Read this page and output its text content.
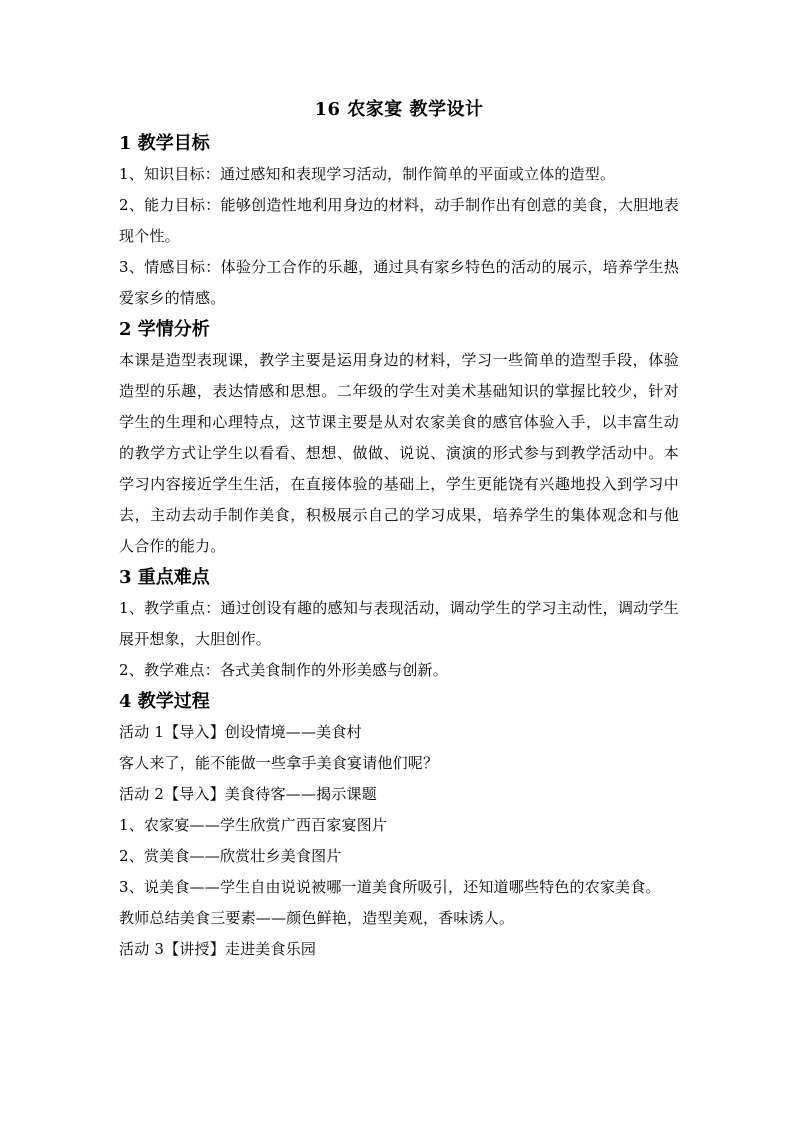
16 农家宴 教学设计
1 教学目标

1、知识目标：通过感知和表现学习活动，制作简单的平面或立体的造型。

2、能力目标：能够创造性地利用身边的材料，动手制作出有创意的美食，大胆地表现个性。

3、情感目标：体验分工合作的乐趣，通过具有家乡特色的活动的展示，培养学生热爱家乡的情感。

2 学情分析

本课是造型表现课，教学主要是运用身边的材料，学习一些简单的造型手段，体验造型的乐趣，表达情感和思想。二年级的学生对美术基础知识的掌握比较少，针对学生的生理和心理特点，这节课主要是从对农家美食的感官体验入手，以丰富生动的教学方式让学生以看看、想想、做做、说说、演演的形式参与到教学活动中。本学习内容接近学生生活，在直接体验的基础上，学生更能饶有兴趣地投入到学习中去，主动去动手制作美食，积极展示自己的学习成果，培养学生的集体观念和与他人合作的能力。

3 重点难点

1、教学重点：通过创设有趣的感知与表现活动，调动学生的学习主动性，调动学生展开想象，大胆创作。

2、教学难点：各式美食制作的外形美感与创新。

4 教学过程

活动 1【导入】创设情境——美食村

客人来了，能不能做一些拿手美食宴请他们呢？

活动 2【导入】美食待客——揭示课题

1、农家宴——学生欣赏广西百家宴图片

2、赏美食——欣赏壮乡美食图片

3、说美食——学生自由说说被哪一道美食所吸引，还知道哪些特色的农家美食。

教师总结美食三要素——颜色鲜艳，造型美观，香味诱人。

活动 3【讲授】走进美食乐园
